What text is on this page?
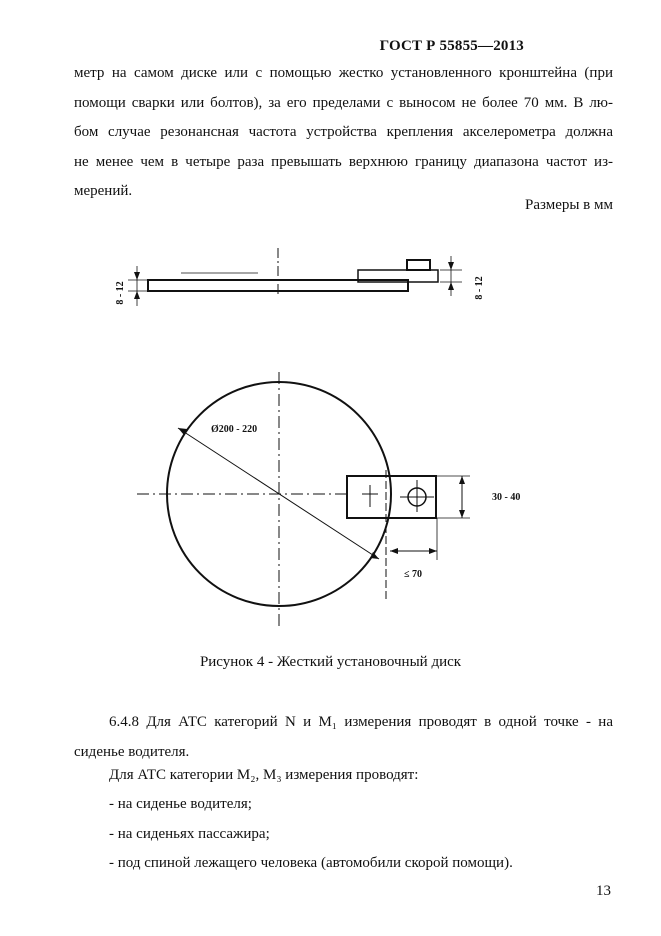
ГОСТ Р 55855—2013
метр на самом диске или с помощью жестко установленного кронштейна (при
помощи сварки или болтов), за его пределами с выносом не более 70 мм. В лю-
бом случае резонансная частота устройства крепления акселерометра должна
не менее чем в четыре раза превышать верхнюю границу диапазона частот из-
мерений.
Размеры в мм
8 - 12	8 - 12
Ø200 - 220
30 - 40
≤ 70
Рисунок 4 - Жесткий установочный диск
6.4.8 Для АТС категорий N и M₁ измерения проводят в одной точке - на
сиденье водителя.
Для АТС категории M₂, M₃ измерения проводят:
- на сиденье водителя;
- на сиденьях пассажира;
- под спиной лежащего человека (автомобили скорой помощи).
13
